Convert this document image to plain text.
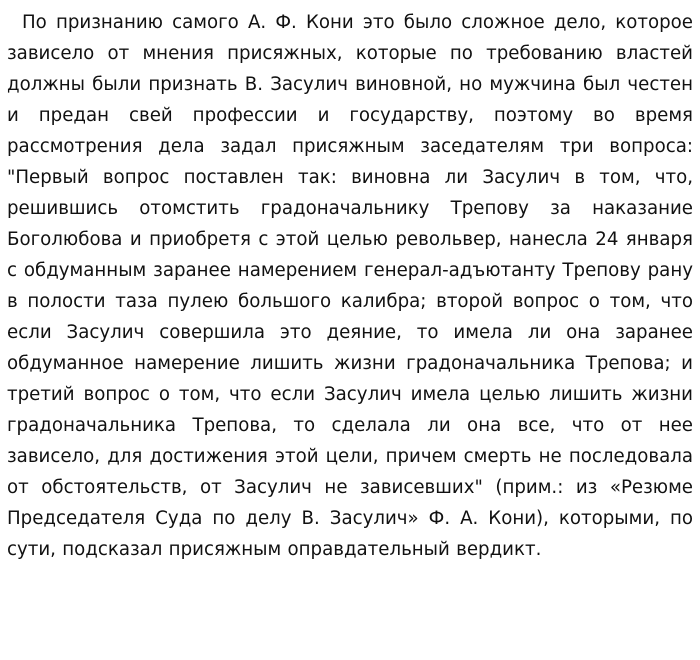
По признанию самого А. Ф. Кони это было сложное дело, которое зависело от мнения присяжных, которые по требованию властей должны были признать В. Засулич виновной, но мужчина был честен и предан свей профессии и государству, поэтому во время рассмотрения дела задал присяжным заседателям три вопроса: "Первый вопрос поставлен так: виновна ли Засулич в том, что, решившись отомстить градоначальнику Трепову за наказание Боголюбова и приобретя с этой целью револьвер, нанесла 24 января с обдуманным заранее намерением генерал-адъютанту Трепову рану в полости таза пулею большого калибра; второй вопрос о том, что если Засулич совершила это деяние, то имела ли она заранее обдуманное намерение лишить жизни градоначальника Трепова; и третий вопрос о том, что если Засулич имела целью лишить жизни градоначальника Трепова, то сделала ли она все, что от нее зависело, для достижения этой цели, причем смерть не последовала от обстоятельств, от Засулич не зависевших" (прим.: из «Резюме Председателя Суда по делу В. Засулич» Ф. А. Кони), которыми, по сути, подсказал присяжным оправдательный вердикт.
